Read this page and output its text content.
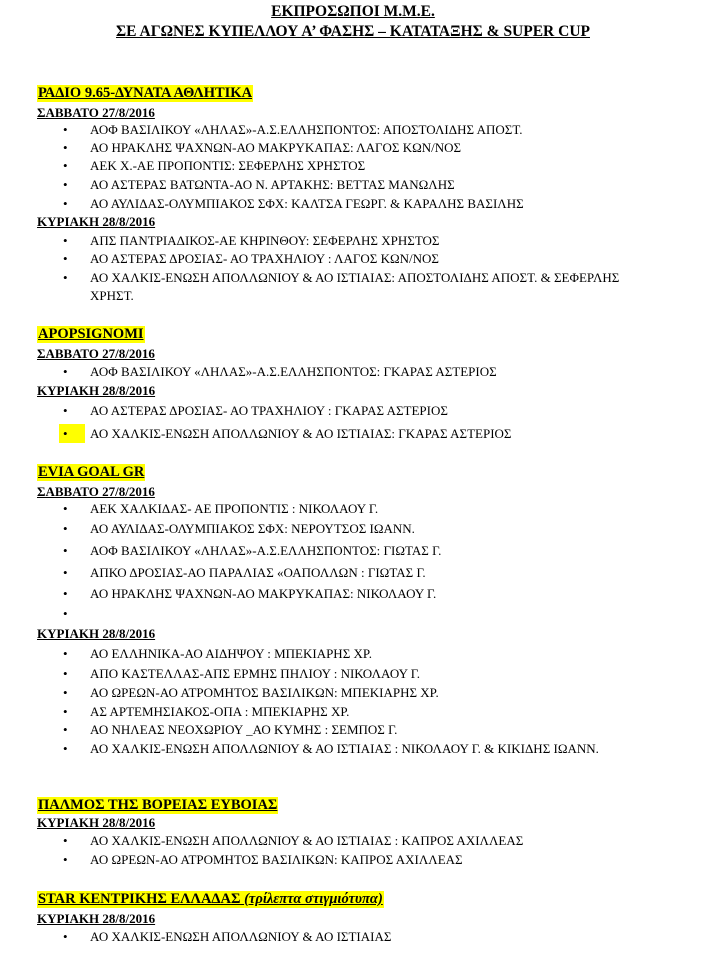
ΕΚΠΡΟΣΩΠΟΙ Μ.Μ.Ε.
ΣΕ ΑΓΩΝΕΣ ΚΥΠΕΛΛΟΥ Α’ ΦΑΣΗΣ – ΚΑΤΑΤΑΞΗΣ & SUPER CUP
ΡΑΔΙΟ 9.65-ΔΥΝΑΤΑ ΑΘΛΗΤΙΚΑ
ΣΑΒΒΑΤΟ 27/8/2016
•	ΑΟΦ ΒΑΣΙΛΙΚΟΥ «ΛΗΛΑΣ»-Α.Σ.ΕΛΛΗΣΠΟΝΤΟΣ: ΑΠΟΣΤΟΛΙΔΗΣ ΑΠΟΣΤ.
•	ΑΟ ΗΡΑΚΛΗΣ ΨΑΧΝΩΝ-ΑΟ ΜΑΚΡΥΚΑΠΑΣ: ΛΑΓΟΣ ΚΩΝ/ΝΟΣ
•	ΑΕΚ Χ.-ΑΕ ΠΡΟΠΟΝΤΙΣ: ΣΕΦΕΡΛΗΣ ΧΡΗΣΤΟΣ
•	ΑΟ ΑΣΤΕΡΑΣ ΒΑΤΩΝΤΑ-ΑΟ Ν. ΑΡΤΑΚΗΣ: ΒΕΤΤΑΣ ΜΑΝΩΛΗΣ
•	ΑΟ ΑΥΛΙΔΑΣ-ΟΛΥΜΠΙΑΚΟΣ ΣΦΧ: ΚΑΛΤΣΑ ΓΕΩΡΓ. & ΚΑΡΑΛΗΣ ΒΑΣΙΛΗΣ
ΚΥΡΙΑΚΗ 28/8/2016
•	ΑΠΣ ΠΑΝΤΡΙΑΔΙΚΟΣ-ΑΕ ΚΗΡΙΝΘΟΥ: ΣΕΦΕΡΛΗΣ ΧΡΗΣΤΟΣ
•	ΑΟ ΑΣΤΕΡΑΣ ΔΡΟΣΙΑΣ- ΑΟ ΤΡΑΧΗΛΙΟΥ : ΛΑΓΟΣ ΚΩΝ/ΝΟΣ
•	ΑΟ ΧΑΛΚΙΣ-ΕΝΩΣΗ ΑΠΟΛΛΩΝΙΟΥ & ΑΟ ΙΣΤΙΑΙΑΣ: ΑΠΟΣΤΟΛΙΔΗΣ ΑΠΟΣΤ. & ΣΕΦΕΡΛΗΣ ΧΡΗΣΤ.
APOPSIGNOMI
ΣΑΒΒΑΤΟ 27/8/2016
•	ΑΟΦ ΒΑΣΙΛΙΚΟΥ «ΛΗΛΑΣ»-Α.Σ.ΕΛΛΗΣΠΟΝΤΟΣ: ΓΚΑΡΑΣ ΑΣΤΕΡΙΟΣ
ΚΥΡΙΑΚΗ 28/8/2016
•	ΑΟ ΑΣΤΕΡΑΣ ΔΡΟΣΙΑΣ- ΑΟ ΤΡΑΧΗΛΙΟΥ : ΓΚΑΡΑΣ ΑΣΤΕΡΙΟΣ
•	ΑΟ ΧΑΛΚΙΣ-ΕΝΩΣΗ ΑΠΟΛΛΩΝΙΟΥ & ΑΟ ΙΣΤΙΑΙΑΣ: ΓΚΑΡΑΣ ΑΣΤΕΡΙΟΣ
EVIA GOAL GR
ΣΑΒΒΑΤΟ 27/8/2016
•	ΑΕΚ ΧΑΛΚΙΔΑΣ- ΑΕ ΠΡΟΠΟΝΤΙΣ : ΝΙΚΟΛΑΟΥ Γ.
•	ΑΟ ΑΥΛΙΔΑΣ-ΟΛΥΜΠΙΑΚΟΣ ΣΦΧ: ΝΕΡΟΥΤΣΟΣ ΙΩΑΝΝ.
•	ΑΟΦ ΒΑΣΙΛΙΚΟΥ «ΛΗΛΑΣ»-Α.Σ.ΕΛΛΗΣΠΟΝΤΟΣ: ΓΙΩΤΑΣ Γ.
•	ΑΠΚΟ ΔΡΟΣΙΑΣ-ΑΟ ΠΑΡΑΛΙΑΣ «ΟΑΠΟΛΛΩΝ : ΓΙΩΤΑΣ Γ.
•	ΑΟ ΗΡΑΚΛΗΣ ΨΑΧΝΩΝ-ΑΟ ΜΑΚΡΥΚΑΠΑΣ: ΝΙΚΟΛΑΟΥ Γ.
•
ΚΥΡΙΑΚΗ 28/8/2016
•	ΑΟ ΕΛΛΗΝΙΚΑ-ΑΟ ΑΙΔΗΨΟΥ : ΜΠΕΚΙΑΡΗΣ ΧΡ.
•	ΑΠΟ ΚΑΣΤΕΛΛΑΣ-ΑΠΣ ΕΡΜΗΣ ΠΗΛΙΟΥ : ΝΙΚΟΛΑΟΥ Γ.
•	ΑΟ ΩΡΕΩΝ-ΑΟ ΑΤΡΟΜΗΤΟΣ ΒΑΣΙΛΙΚΩΝ: ΜΠΕΚΙΑΡΗΣ ΧΡ.
•	ΑΣ ΑΡΤΕΜΗΣΙΑΚΟΣ-ΟΠΑ : ΜΠΕΚΙΑΡΗΣ ΧΡ.
•	ΑΟ ΝΗΛΕΑΣ ΝΕΟΧΩΡΙΟΥ _ΑΟ ΚΥΜΗΣ : ΣΕΜΠΟΣ Γ.
•	ΑΟ ΧΑΛΚΙΣ-ΕΝΩΣΗ ΑΠΟΛΛΩΝΙΟΥ & ΑΟ ΙΣΤΙΑΙΑΣ : ΝΙΚΟΛΑΟΥ Γ. & ΚΙΚΙΔΗΣ ΙΩΑΝΝ.
ΠΑΛΜΟΣ ΤΗΣ ΒΟΡΕΙΑΣ ΕΥΒΟΙΑΣ
ΚΥΡΙΑΚΗ 28/8/2016
•	ΑΟ ΧΑΛΚΙΣ-ΕΝΩΣΗ ΑΠΟΛΛΩΝΙΟΥ & ΑΟ ΙΣΤΙΑΙΑΣ : ΚΑΠΡΟΣ ΑΧΙΛΛΕΑΣ
•	ΑΟ ΩΡΕΩΝ-ΑΟ ΑΤΡΟΜΗΤΟΣ ΒΑΣΙΛΙΚΩΝ: ΚΑΠΡΟΣ ΑΧΙΛΛΕΑΣ
STAR ΚΕΝΤΡΙΚΗΣ ΕΛΛΑΔΑΣ (τρίλεπτα στιγμιότυπα)
ΚΥΡΙΑΚΗ 28/8/2016
•	ΑΟ ΧΑΛΚΙΣ-ΕΝΩΣΗ ΑΠΟΛΛΩΝΙΟΥ & ΑΟ ΙΣΤΙΑΙΑΣ
